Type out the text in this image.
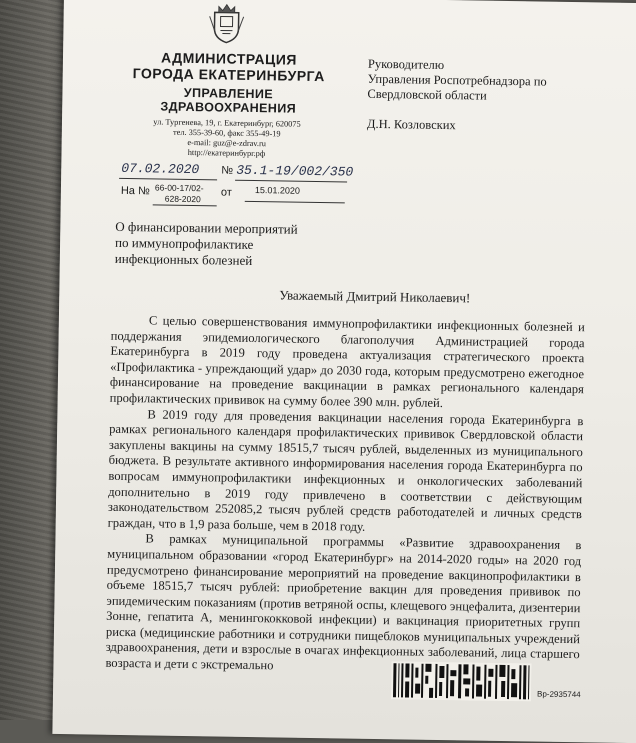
АДМИНИСТРАЦИЯ
ГОРОДА ЕКАТЕРИНБУРГА
УПРАВЛЕНИЕ
ЗДРАВООХРАНЕНИЯ
ул. Тургенева, 19, г. Екатеринбург, 620075
тел. 355-39-60, факс 355-49-19
e-mail: guz@e-zdrav.ru
http://екатеринбург.рф
Руководителю
Управления Роспотребнадзора по
Свердловской области
Д.Н. Козловских
07.02.2020 № 35.1-19/002/350
На № 66-00-17/02-
628-2020
от	15.01.2020
О финансировании мероприятий
по иммунопрофилактике
инфекционных болезней
Уважаемый Дмитрий Николаевич!

С целью совершенствования иммунопрофилактики инфекционных болезней и поддержания эпидемиологического благополучия Администрацией города Екатеринбурга в 2019 году проведена актуализация стратегического проекта «Профилактика - упреждающий удар» до 2030 года, которым предусмотрено ежегодное финансирование на проведение вакцинации в рамках регионального календаря профилактических прививок на сумму более 390 млн. рублей.

В 2019 году для проведения вакцинации населения города Екатеринбурга в рамках регионального календаря профилактических прививок Свердловской области закуплены вакцины на сумму 18515,7 тысяч рублей, выделенных из муниципального бюджета. В результате активного информирования населения города Екатеринбурга по вопросам иммунопрофилактики инфекционных и онкологических заболеваний дополнительно в 2019 году привлечено в соответствии с действующим законодательством 252085,2 тысяч рублей средств работодателей и личных средств граждан, что в 1,9 раза больше, чем в 2018 году.

В рамках муниципальной программы «Развитие здравоохранения в муниципальном образовании «город Екатеринбург» на 2014-2020 годы» на 2020 год предусмотрено финансирование мероприятий на проведение вакцинопрофилактики в объеме 18515,7 тысяч рублей: приобретение вакцин для проведения прививок по эпидемическим показаниям (против ветряной оспы, клещевого энцефалита, дизентерии Зонне, гепатита А, менингококковой инфекции) и вакцинация приоритетных групп риска (медицинские работники и сотрудники пищеблоков муниципальных учреждений здравоохранения, дети и взрослые в очагах инфекционных заболеваний, лица старшего возраста и дети с экстремально

Вр-2935744
